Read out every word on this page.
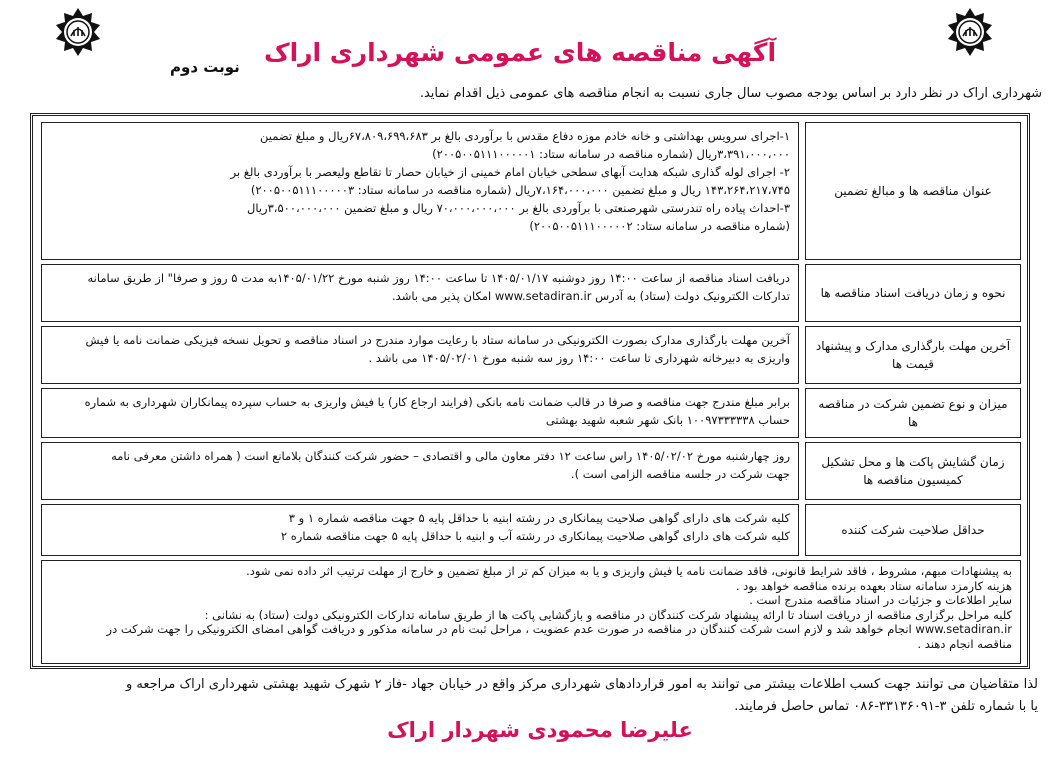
آگهی مناقصه های عمومی شهرداری اراک
نوبت دوم
شهرداری اراک در نظر دارد بر اساس بودجه مصوب سال جاری نسبت به انجام مناقصه های عمومی ذیل اقدام نماید.
عنوان مناقصه ها و مبالغ تضمین

۱-اجرای سرویس بهداشتی و خانه خادم موزه دفاع مقدس با برآوردی بالغ بر ۶۷،۸۰۹،۶۹۹،۶۸۳ریال و مبلغ تضمین

۳،۳۹۱،۰۰۰،۰۰۰ریال (شماره مناقصه در سامانه ستاد: ۲۰۰۵۰۰۵۱۱۱۰۰۰۰۰۱)

۲- اجرای لوله گذاری شبکه هدایت آبهای سطحی خیابان امام خمینی از خیابان حصار تا تقاطع ولیعصر با برآوردی بالغ بر

۱۴۳،۲۶۴،۲۱۷،۷۴۵ ریال و مبلغ تضمین ۷،۱۶۴،۰۰۰،۰۰۰ریال (شماره مناقصه در سامانه ستاد: ۲۰۰۵۰۰۵۱۱۱۰۰۰۰۰۳)

۳-احداث پیاده راه تندرستی شهرصنعتی با برآوردی بالغ بر ۷۰،۰۰۰،۰۰۰،۰۰۰ ریال و مبلغ تضمین ۳،۵۰۰،۰۰۰،۰۰۰ریال

(شماره مناقصه در سامانه ستاد: ۲۰۰۵۰۰۵۱۱۱۰۰۰۰۰۲)

نحوه و زمان دریافت اسناد مناقصه ها

دریافت اسناد مناقصه از ساعت ۱۴:۰۰ روز دوشنبه ۱۴۰۵/۰۱/۱۷ تا ساعت ۱۴:۰۰ روز شنبه مورخ ۱۴۰۵/۰۱/۲۲به مدت ۵ روز و صرفا" از طریق سامانه

تدارکات الکترونیک دولت (ستاد) به آدرس www.setadiran.ir امکان پذیر می باشد.

آخرین مهلت بارگذاری مدارک و پیشنهاد قیمت ها

آخرین مهلت بارگذاری مدارک بصورت الکترونیکی در سامانه ستاد با رعایت موارد مندرج در اسناد مناقصه و تحویل نسخه فیزیکی ضمانت نامه یا فیش

واریزی به دبیرخانه شهرداری تا ساعت ۱۴:۰۰ روز سه شنبه مورخ ۱۴۰۵/۰۲/۰۱ می باشد .

میزان و نوع تضمین شرکت در مناقصه ها

برابر مبلغ مندرج جهت مناقصه و صرفا در قالب ضمانت نامه بانکی (فرایند ارجاع کار) یا فیش واریزی به حساب سپرده پیمانکاران شهرداری به شماره

حساب ۱۰۰۹۷۳۳۳۳۳۸ بانک شهر شعبه شهید بهشتی

زمان گشایش پاکت ها و محل تشکیل کمیسیون مناقصه ها

روز چهارشنبه مورخ ۱۴۰۵/۰۲/۰۲ راس ساعت ۱۲ دفتر معاون مالی و اقتصادی – حضور شرکت کنندگان بلامانع است ( همراه داشتن معرفی نامه

جهت شرکت در جلسه مناقصه الزامی است ).

حداقل صلاحیت شرکت کننده

کلیه شرکت های دارای گواهی صلاحیت پیمانکاری در رشته ابنیه با حداقل پایه ۵ جهت مناقصه شماره ۱ و ۳

کلیه شرکت های دارای گواهی صلاحیت پیمانکاری در رشته آب و ابنیه با حداقل پایه ۵ جهت مناقصه شماره ۲

به پیشنهادات مبهم، مشروط ، فاقد شرایط قانونی، فاقد ضمانت نامه یا فیش واریزی و یا به میزان کم تر از مبلغ تضمین و خارج از مهلت ترتیب اثر داده نمی شود.

هزینه کارمزد سامانه ستاد بعهده برنده مناقصه خواهد بود .

سایر اطلاعات و جزئیات در اسناد مناقصه مندرج است .

کلیه مراحل برگزاری مناقصه از دریافت اسناد تا ارائه پیشنهاد شرکت کنندگان در مناقصه و بازگشایی پاکت ها از طریق سامانه تدارکات الکترونیکی دولت (ستاد) به نشانی :

www.setadiran.ir انجام خواهد شد و لازم است شرکت کنندگان در مناقصه در صورت عدم عضویت ، مراحل ثبت نام در سامانه مذکور و دریافت گواهی امضای الکترونیکی را جهت شرکت در

مناقصه انجام دهند .

لذا متقاضیان می توانند جهت کسب اطلاعات بیشتر می توانند به امور قراردادهای شهرداری مرکز واقع در خیابان جهاد -فاز ۲ شهرک شهید بهشتی شهرداری اراک مراجعه و

یا با شماره تلفن ۳-۳۳۱۳۶۰۹۱-۰۸۶ تماس حاصل فرمایند.

علیرضا محمودی شهردار اراک
